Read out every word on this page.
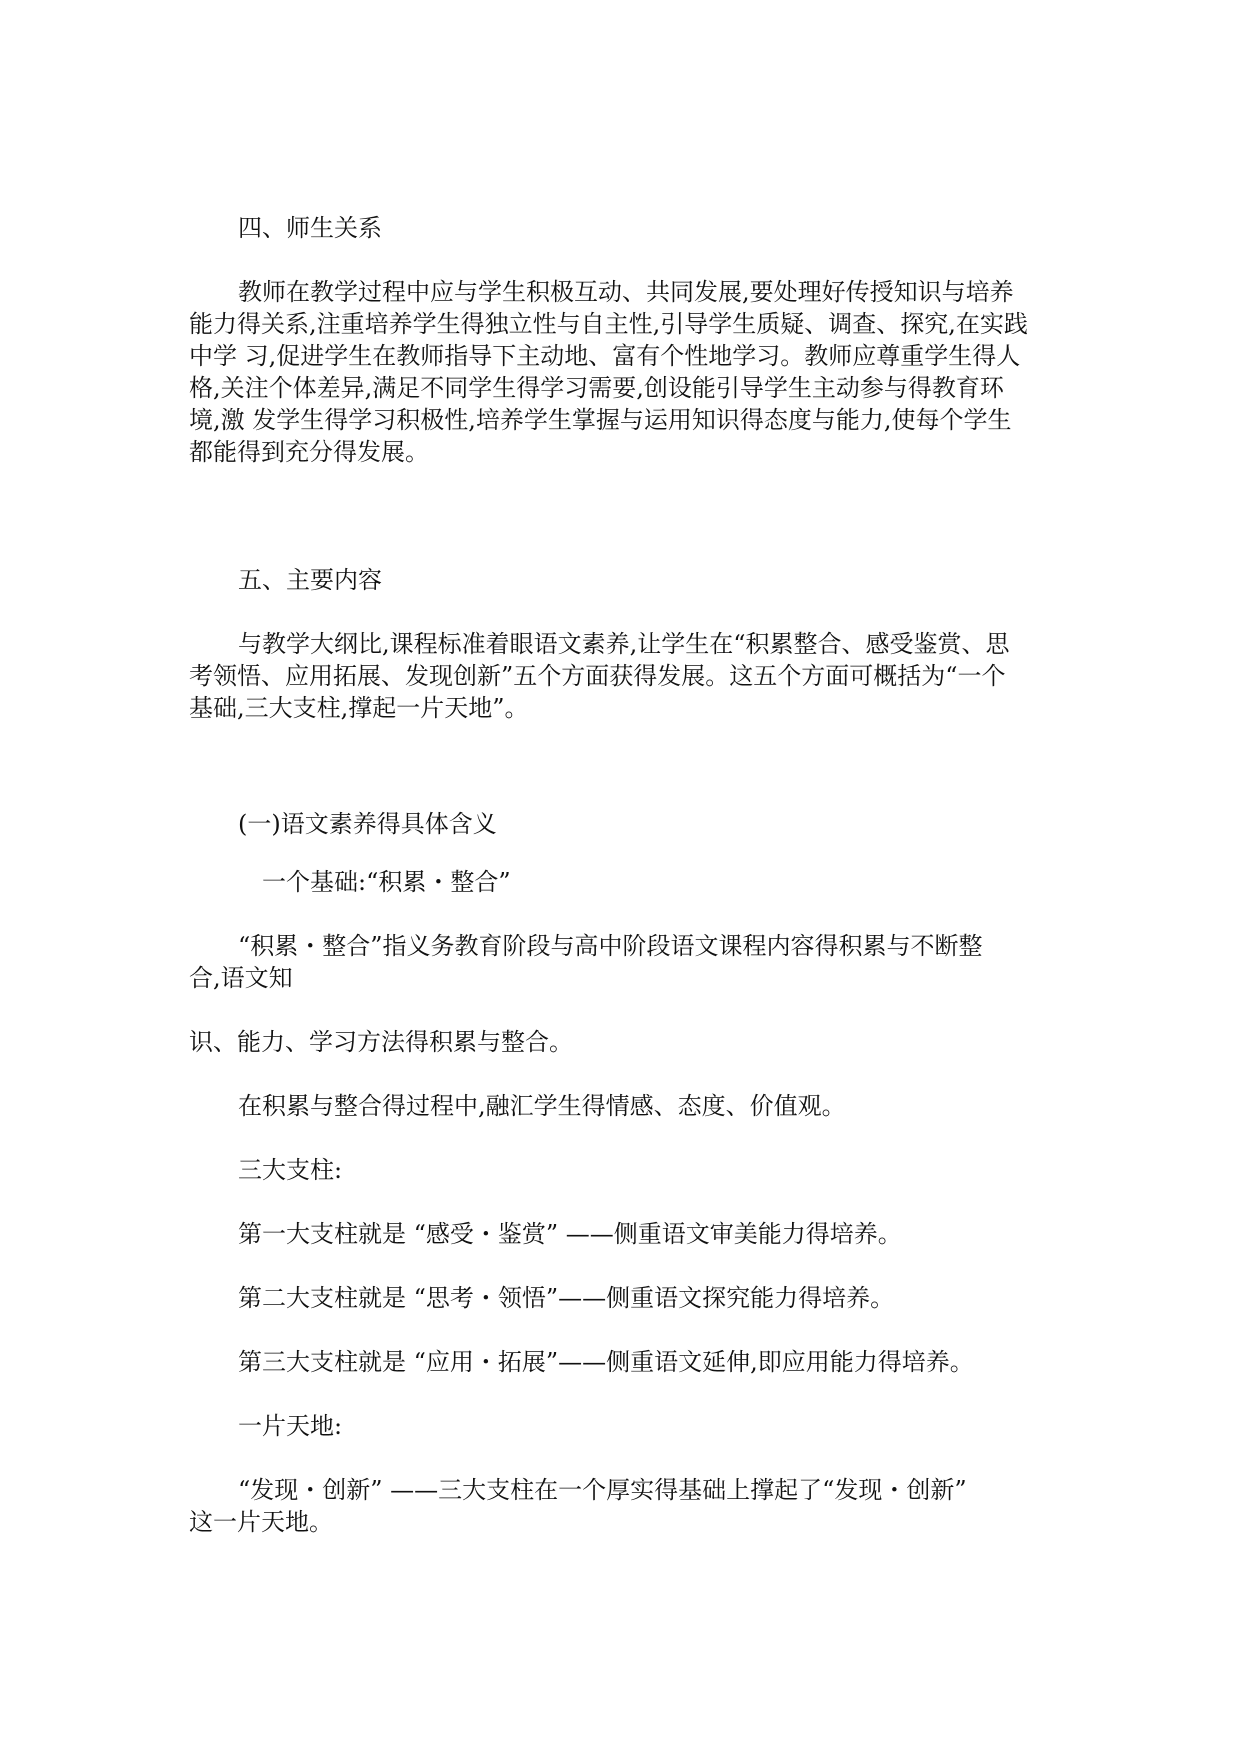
四、师生关系
教师在教学过程中应与学生积极互动、共同发展,要处理好传授知识与培养
能力得关系,注重培养学生得独立性与自主性,引导学生质疑、调查、探究,在实践
中学 习,促进学生在教师指导下主动地、富有个性地学习。教师应尊重学生得人
格,关注个体差异,满足不同学生得学习需要,创设能引导学生主动参与得教育环
境,激 发学生得学习积极性,培养学生掌握与运用知识得态度与能力,使每个学生
都能得到充分得发展。
五、主要内容
与教学大纲比,课程标准着眼语文素养,让学生在“积累整合、感受鉴赏、思
考领悟、应用拓展、发现创新”五个方面获得发展。这五个方面可概括为“一个
基础,三大支柱,撑起一片天地”。
(一)语文素养得具体含义
一个基础:“积累・整合”
“积累・整合”指义务教育阶段与高中阶段语文课程内容得积累与不断整
合,语文知
识、能力、学习方法得积累与整合。
在积累与整合得过程中,融汇学生得情感、态度、价值观。
三大支柱:
第一大支柱就是 “感受・鉴赏” ——侧重语文审美能力得培养。
第二大支柱就是 “思考・领悟”——侧重语文探究能力得培养。
第三大支柱就是 “应用・拓展”——侧重语文延伸,即应用能力得培养。
一片天地:
“发现・创新” ——三大支柱在一个厚实得基础上撑起了“发现・创新”
这一片天地。
